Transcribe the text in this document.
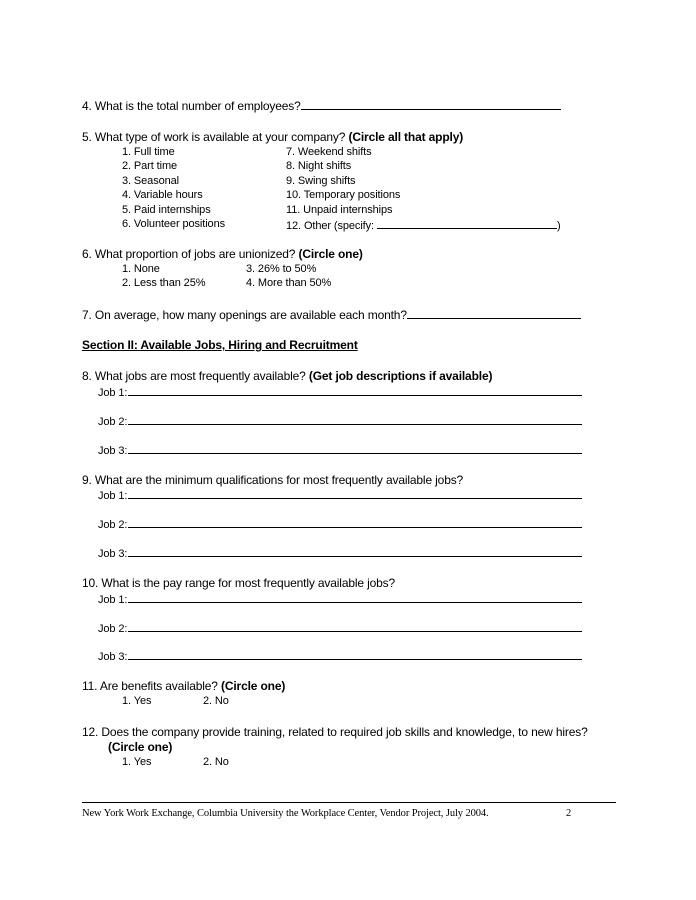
4. What is the total number of employees?
5. What type of work is available at your company? (Circle all that apply)
1. Full time
2. Part time
3. Seasonal
4. Variable hours
5. Paid internships
6. Volunteer positions
7. Weekend shifts
8. Night shifts
9. Swing shifts
10. Temporary positions
11. Unpaid internships
12. Other (specify:	)
6. What proportion of jobs are unionized? (Circle one)
1. None
2. Less than 25%
3. 26% to 50%
4. More than 50%
7. On average, how many openings are available each month?
Section II: Available Jobs, Hiring and Recruitment
8. What jobs are most frequently available? (Get job descriptions if available)
Job 1:
Job 2:
Job 3:
9. What are the minimum qualifications for most frequently available jobs?
Job 1:
Job 2:
Job 3:
10. What is the pay range for most frequently available jobs?
Job 1:
Job 2:
Job 3:
11. Are benefits available? (Circle one)
1. Yes	2. No
12. Does the company provide training, related to required job skills and knowledge, to new hires?
(Circle one)
1. Yes	2. No
New York Work Exchange, Columbia University the Workplace Center, Vendor Project, July 2004.	2
